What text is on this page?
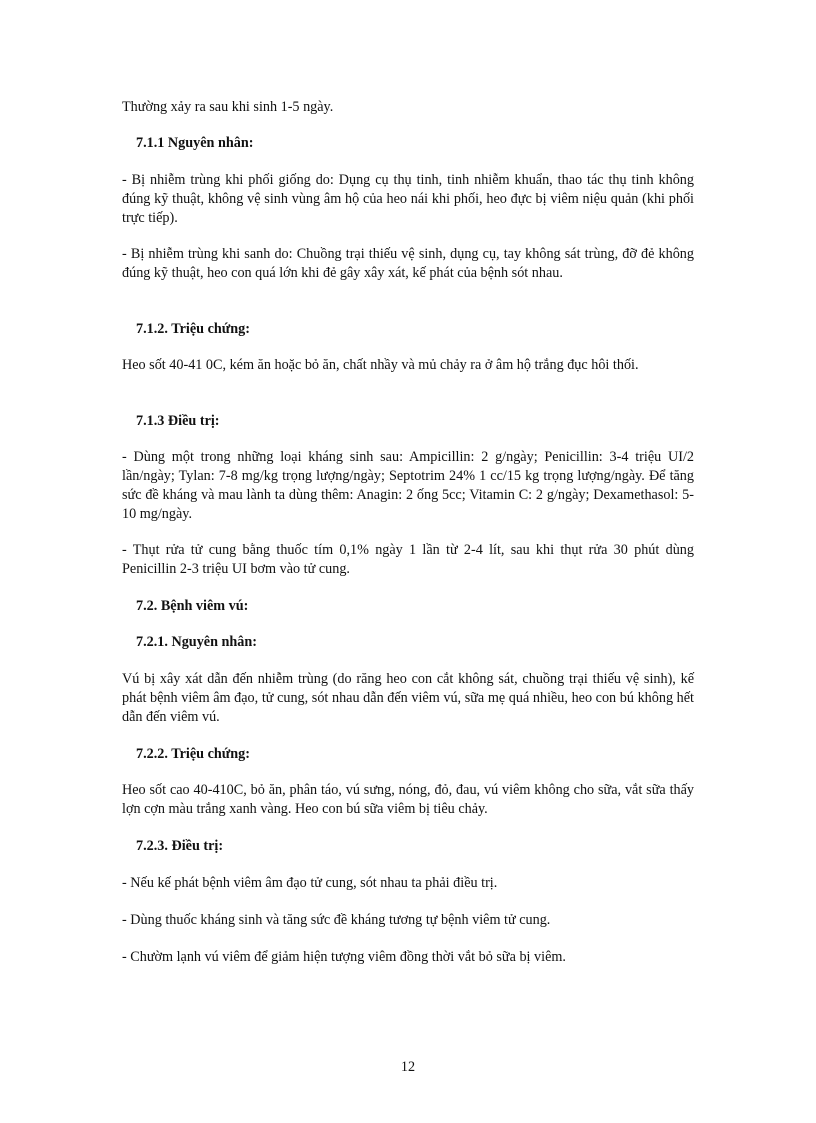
Thường xảy ra sau khi sinh 1-5 ngày.

7.1.1 Nguyên nhân:

- Bị nhiễm trùng khi phối giống do: Dụng cụ thụ tinh, tinh nhiễm khuẩn, thao tác thụ tinh không đúng kỹ thuật, không vệ sinh vùng âm hộ của heo nái khi phối, heo đực bị viêm niệu quản (khi phối trực tiếp).

- Bị nhiễm trùng khi sanh do: Chuồng trại thiếu vệ sinh, dụng cụ, tay không sát trùng, đỡ đẻ không đúng kỹ thuật, heo con quá lớn khi đẻ gây xây xát, kế phát của bệnh sót nhau.

7.1.2. Triệu chứng:

Heo sốt 40-41 0C, kém ăn hoặc bỏ ăn, chất nhầy và mủ chảy ra ở âm hộ trắng đục hôi thối.

7.1.3 Điều trị:

- Dùng một trong những loại kháng sinh sau: Ampicillin: 2 g/ngày; Penicillin: 3-4 triệu UI/2 lần/ngày; Tylan: 7-8 mg/kg trọng lượng/ngày; Septotrim 24% 1 cc/15 kg trọng lượng/ngày. Để tăng sức đề kháng và mau lành ta dùng thêm: Anagin: 2 ống 5cc; Vitamin C: 2 g/ngày; Dexamethasol: 5-10 mg/ngày.

- Thụt rửa tử cung bằng thuốc tím 0,1% ngày 1 lần từ 2-4 lít, sau khi thụt rửa 30 phút dùng Penicillin 2-3 triệu UI bơm vào tử cung.

7.2. Bệnh viêm vú:

7.2.1. Nguyên nhân:

Vú bị xây xát dẫn đến nhiễm trùng (do răng heo con cắt không sát, chuồng trại thiếu vệ sinh), kế phát bệnh viêm âm đạo, tử cung, sót nhau dẫn đến viêm vú, sữa mẹ quá nhiều, heo con bú không hết dẫn đến viêm vú.

7.2.2. Triệu chứng:

Heo sốt cao 40-410C, bỏ ăn, phân táo, vú sưng, nóng, đỏ, đau, vú viêm không cho sữa, vắt sữa thấy lợn cợn màu trắng xanh vàng. Heo con bú sữa viêm bị tiêu chảy.

7.2.3. Điều trị:

- Nếu kế phát bệnh viêm âm đạo tử cung, sót nhau ta phải điều trị.

- Dùng thuốc kháng sinh và tăng sức đề kháng tương tự bệnh viêm tử cung.

- Chườm lạnh vú viêm để giảm hiện tượng viêm đồng thời vắt bỏ sữa bị viêm.

12
